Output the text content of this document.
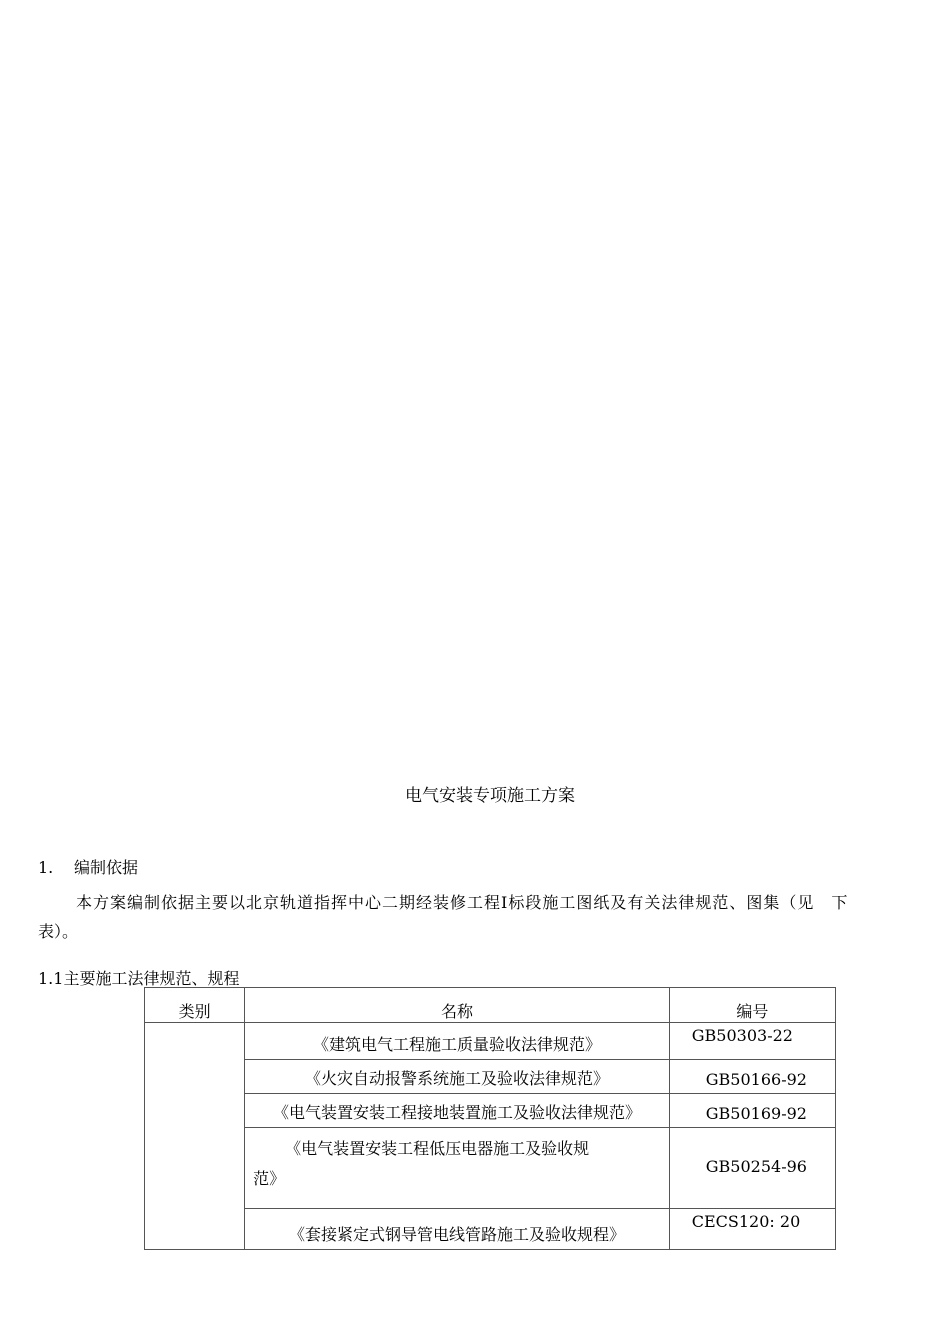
电气安装专项施工方案
1. 编制依据
本方案编制依据主要以北京轨道指挥中心二期经装修工程Ⅰ标段施工图纸及有关法律规范、图集（见　下
表）。
1.1主要施工法律规范、规程
类别	名称	编号
	《建筑电气工程施工质量验收法律规范》	GB50303-22
	《火灾自动报警系统施工及验收法律规范》	GB50166-92
	《电气装置安装工程接地装置施工及验收法律规范》	GB50169-92

	《电气装置安装工程低压电器施工及验收规
范》	GB50254-96
	《套接紧定式钢导管电线管路施工及验收规程》	CECS120: 20
